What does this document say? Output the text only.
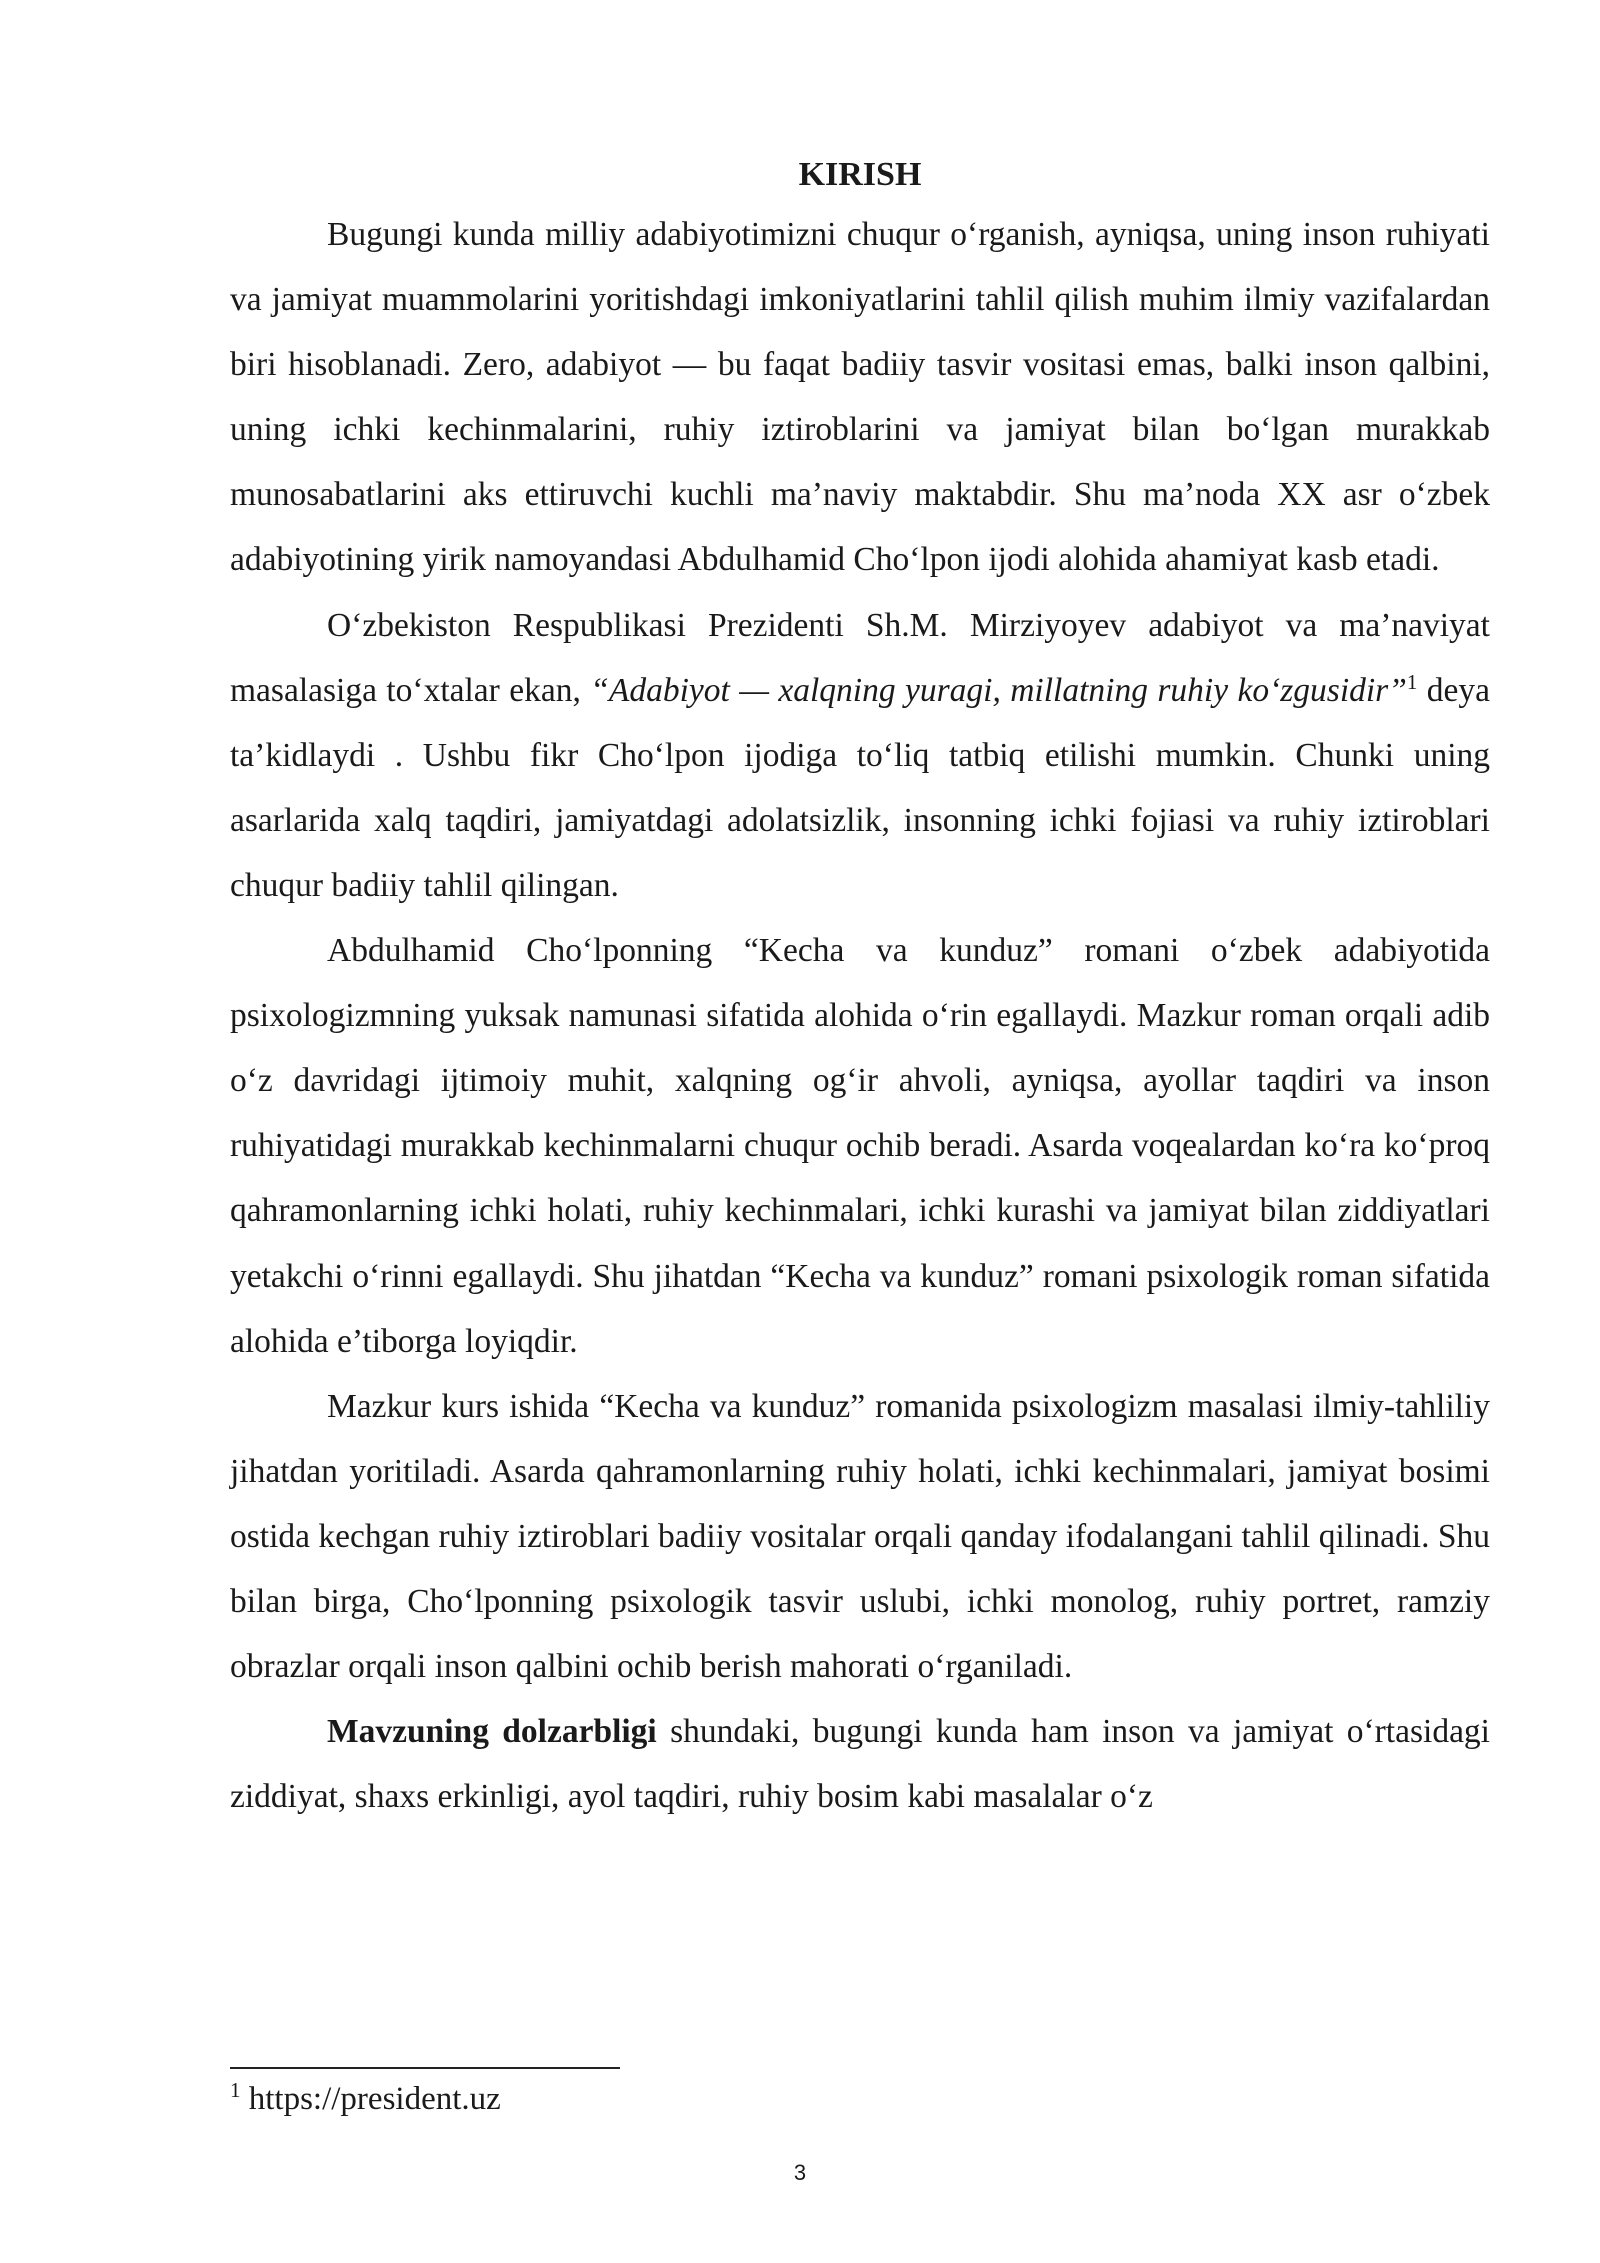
KIRISH

Bugungi kunda milliy adabiyotimizni chuqur o‘rganish, ayniqsa, uning inson ruhiyati va jamiyat muammolarini yoritishdagi imkoniyatlarini tahlil qilish muhim ilmiy vazifalardan biri hisoblanadi. Zero, adabiyot — bu faqat badiiy tasvir vositasi emas, balki inson qalbini, uning ichki kechinmalarini, ruhiy iztiroblarini va jamiyat bilan bo‘lgan murakkab munosabatlarini aks ettiruvchi kuchli ma’naviy maktabdir. Shu ma’noda XX asr o‘zbek adabiyotining yirik namoyandasi Abdulhamid Cho‘lpon ijodi alohida ahamiyat kasb etadi.

O‘zbekiston Respublikasi Prezidenti Sh.M. Mirziyoyev adabiyot va ma’naviyat masalasiga to‘xtalar ekan, “Adabiyot — xalqning yuragi, millatning ruhiy ko‘zgusidir”$^1$ deya ta’kidlaydi . Ushbu fikr Cho‘lpon ijodiga to‘liq tatbiq etilishi mumkin. Chunki uning asarlarida xalq taqdiri, jamiyatdagi adolatsizlik, insonning ichki fojiasi va ruhiy iztiroblari chuqur badiiy tahlil qilingan.

Abdulhamid Cho‘lponning “Kecha va kunduz” romani o‘zbek adabiyotida psixologizmning yuksak namunasi sifatida alohida o‘rin egallaydi. Mazkur roman orqali adib o‘z davridagi ijtimoiy muhit, xalqning og‘ir ahvoli, ayniqsa, ayollar taqdiri va inson ruhiyatidagi murakkab kechinmalarni chuqur ochib beradi. Asarda voqealardan ko‘ra ko‘proq qahramonlarning ichki holati, ruhiy kechinmalari, ichki kurashi va jamiyat bilan ziddiyatlari yetakchi o‘rinni egallaydi. Shu jihatdan “Kecha va kunduz” romani psixologik roman sifatida alohida e’tiborga loyiqdir.

Mazkur kurs ishida “Kecha va kunduz” romanida psixologizm masalasi ilmiy-tahliliy jihatdan yoritiladi. Asarda qahramonlarning ruhiy holati, ichki kechinmalari, jamiyat bosimi ostida kechgan ruhiy iztiroblari badiiy vositalar orqali qanday ifodalangani tahlil qilinadi. Shu bilan birga, Cho‘lponning psixologik tasvir uslubi, ichki monolog, ruhiy portret, ramziy obrazlar orqali inson qalbini ochib berish mahorati o‘rganiladi.

Mavzuning dolzarbligi shundaki, bugungi kunda ham inson va jamiyat o‘rtasidagi ziddiyat, shaxs erkinligi, ayol taqdiri, ruhiy bosim kabi masalalar o‘z

$^1$ https://president.uz
3
